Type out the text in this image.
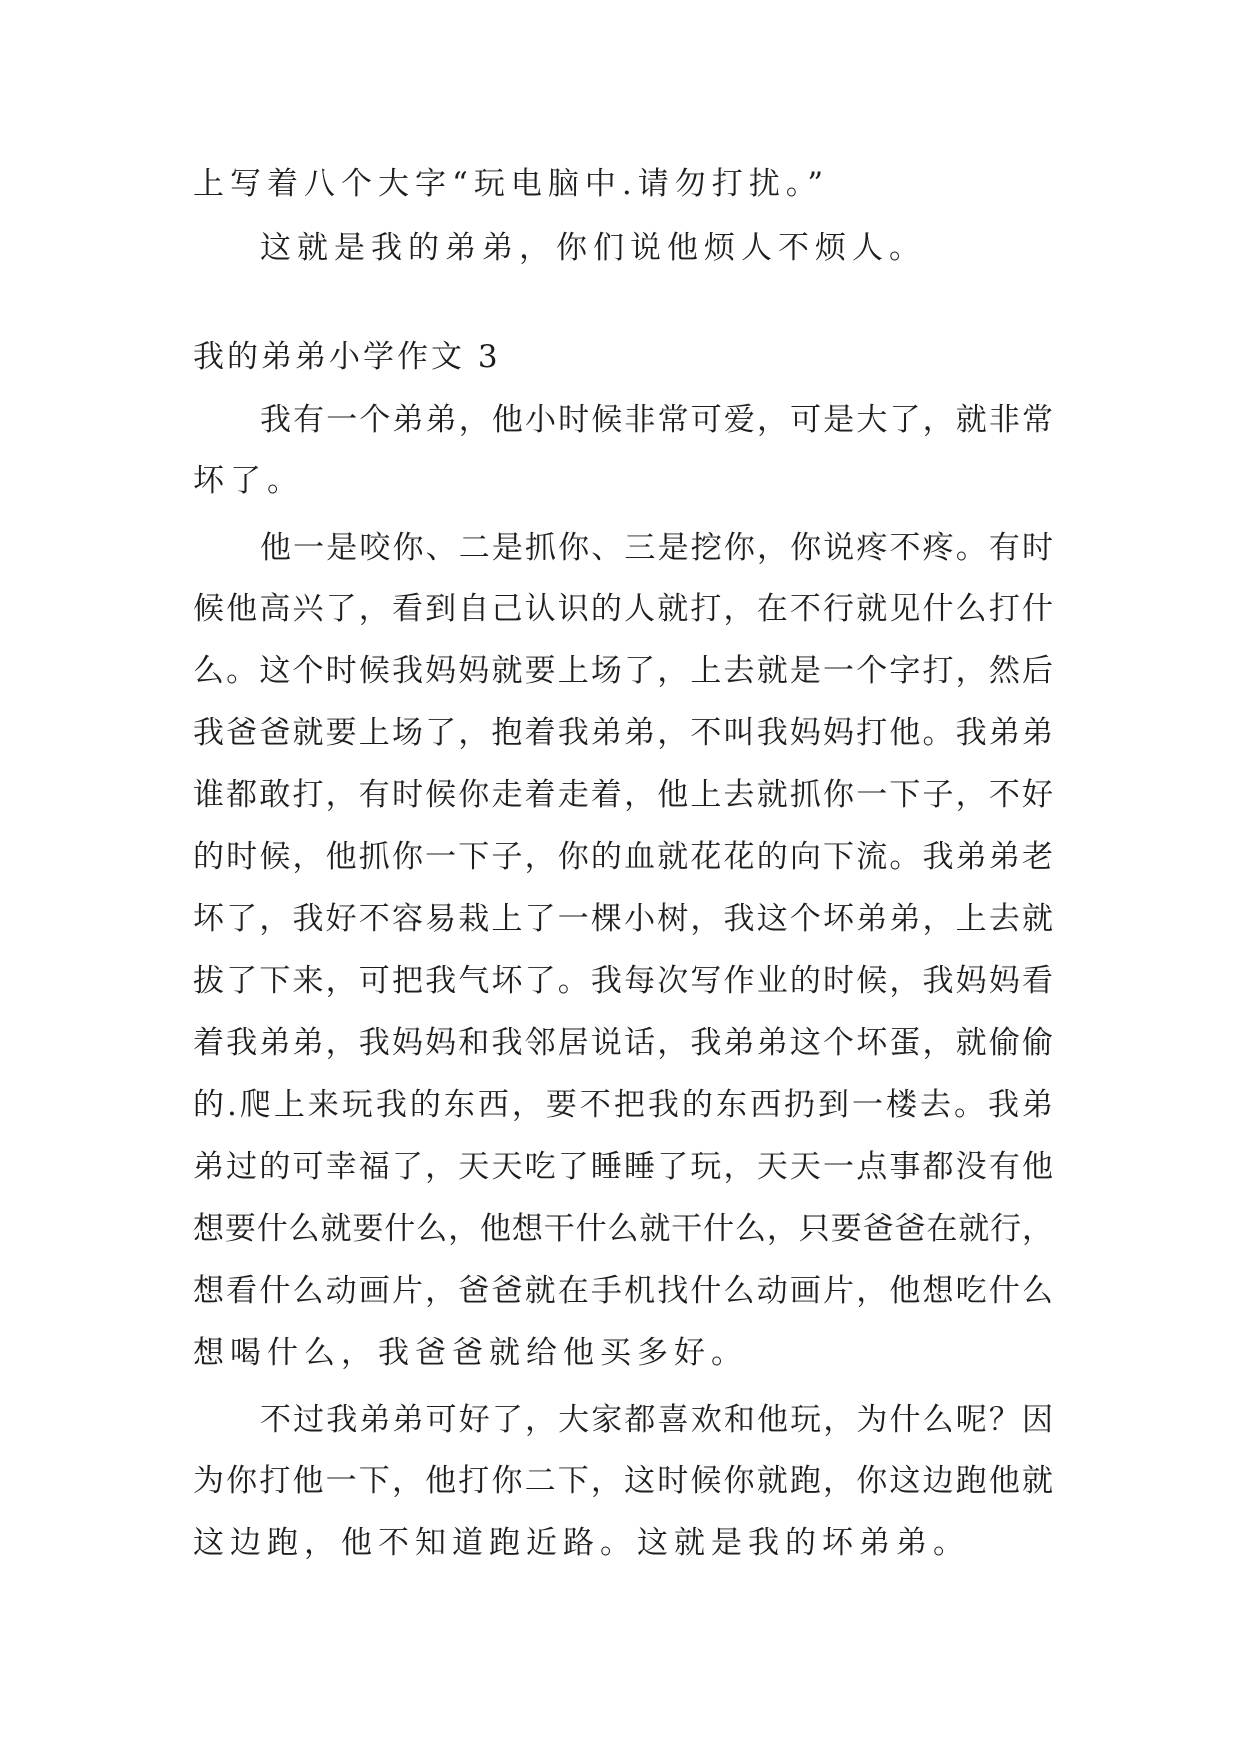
上写着八个大字“玩电脑中.请勿打扰。”
这就是我的弟弟，你们说他烦人不烦人。
我的弟弟小学作文 3
我有一个弟弟，他小时候非常可爱，可是大了，就非常
坏了。
他一是咬你、二是抓你、三是挖你，你说疼不疼。有时
候他高兴了，看到自己认识的人就打，在不行就见什么打什
么。这个时候我妈妈就要上场了，上去就是一个字打，然后
我爸爸就要上场了，抱着我弟弟，不叫我妈妈打他。我弟弟
谁都敢打，有时候你走着走着，他上去就抓你一下子，不好
的时候，他抓你一下子，你的血就花花的向下流。我弟弟老
坏了，我好不容易栽上了一棵小树，我这个坏弟弟，上去就
拔了下来，可把我气坏了。我每次写作业的时候，我妈妈看
着我弟弟，我妈妈和我邻居说话，我弟弟这个坏蛋，就偷偷
的.爬上来玩我的东西，要不把我的东西扔到一楼去。我弟
弟过的可幸福了，天天吃了睡睡了玩，天天一点事都没有他
想要什么就要什么，他想干什么就干什么，只要爸爸在就行，
想看什么动画片，爸爸就在手机找什么动画片，他想吃什么
想喝什么，我爸爸就给他买多好。
不过我弟弟可好了，大家都喜欢和他玩，为什么呢？因
为你打他一下，他打你二下，这时候你就跑，你这边跑他就
这边跑，他不知道跑近路。这就是我的坏弟弟。
